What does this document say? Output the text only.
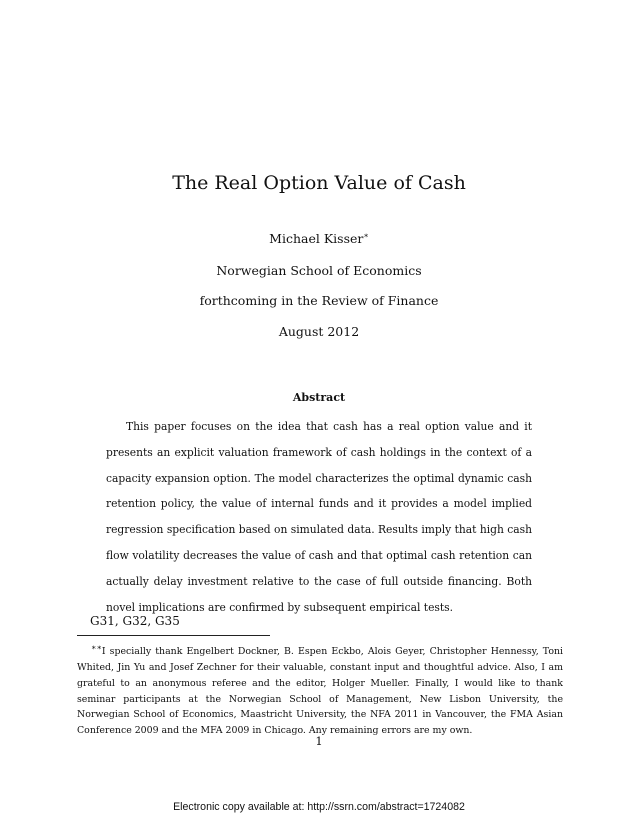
The Real Option Value of Cash
Michael Kisser∗
Norwegian School of Economics
forthcoming in the Review of Finance
August 2012
Abstract

This paper focuses on the idea that cash has a real option value and it presents an explicit valuation framework of cash holdings in the context of a capacity expansion option. The model characterizes the optimal dynamic cash retention policy, the value of internal funds and it provides a model implied regression specification based on simulated data. Results imply that high cash flow volatility decreases the value of cash and that optimal cash retention can actually delay investment relative to the case of full outside financing. Both novel implications are confirmed by subsequent empirical tests.

G31, G32, G35

∗∗I specially thank Engelbert Dockner, B. Espen Eckbo, Alois Geyer, Christopher Hennessy, Toni Whited, Jin Yu and Josef Zechner for their valuable, constant input and thoughtful advice. Also, I am grateful to an anonymous referee and the editor, Holger Mueller. Finally, I would like to thank seminar participants at the Norwegian School of Management, New Lisbon University, the Norwegian School of Economics, Maastricht University, the NFA 2011 in Vancouver, the FMA Asian Conference 2009 and the MFA 2009 in Chicago. Any remaining errors are my own.

1
Electronic copy available at: http://ssrn.com/abstract=1724082
